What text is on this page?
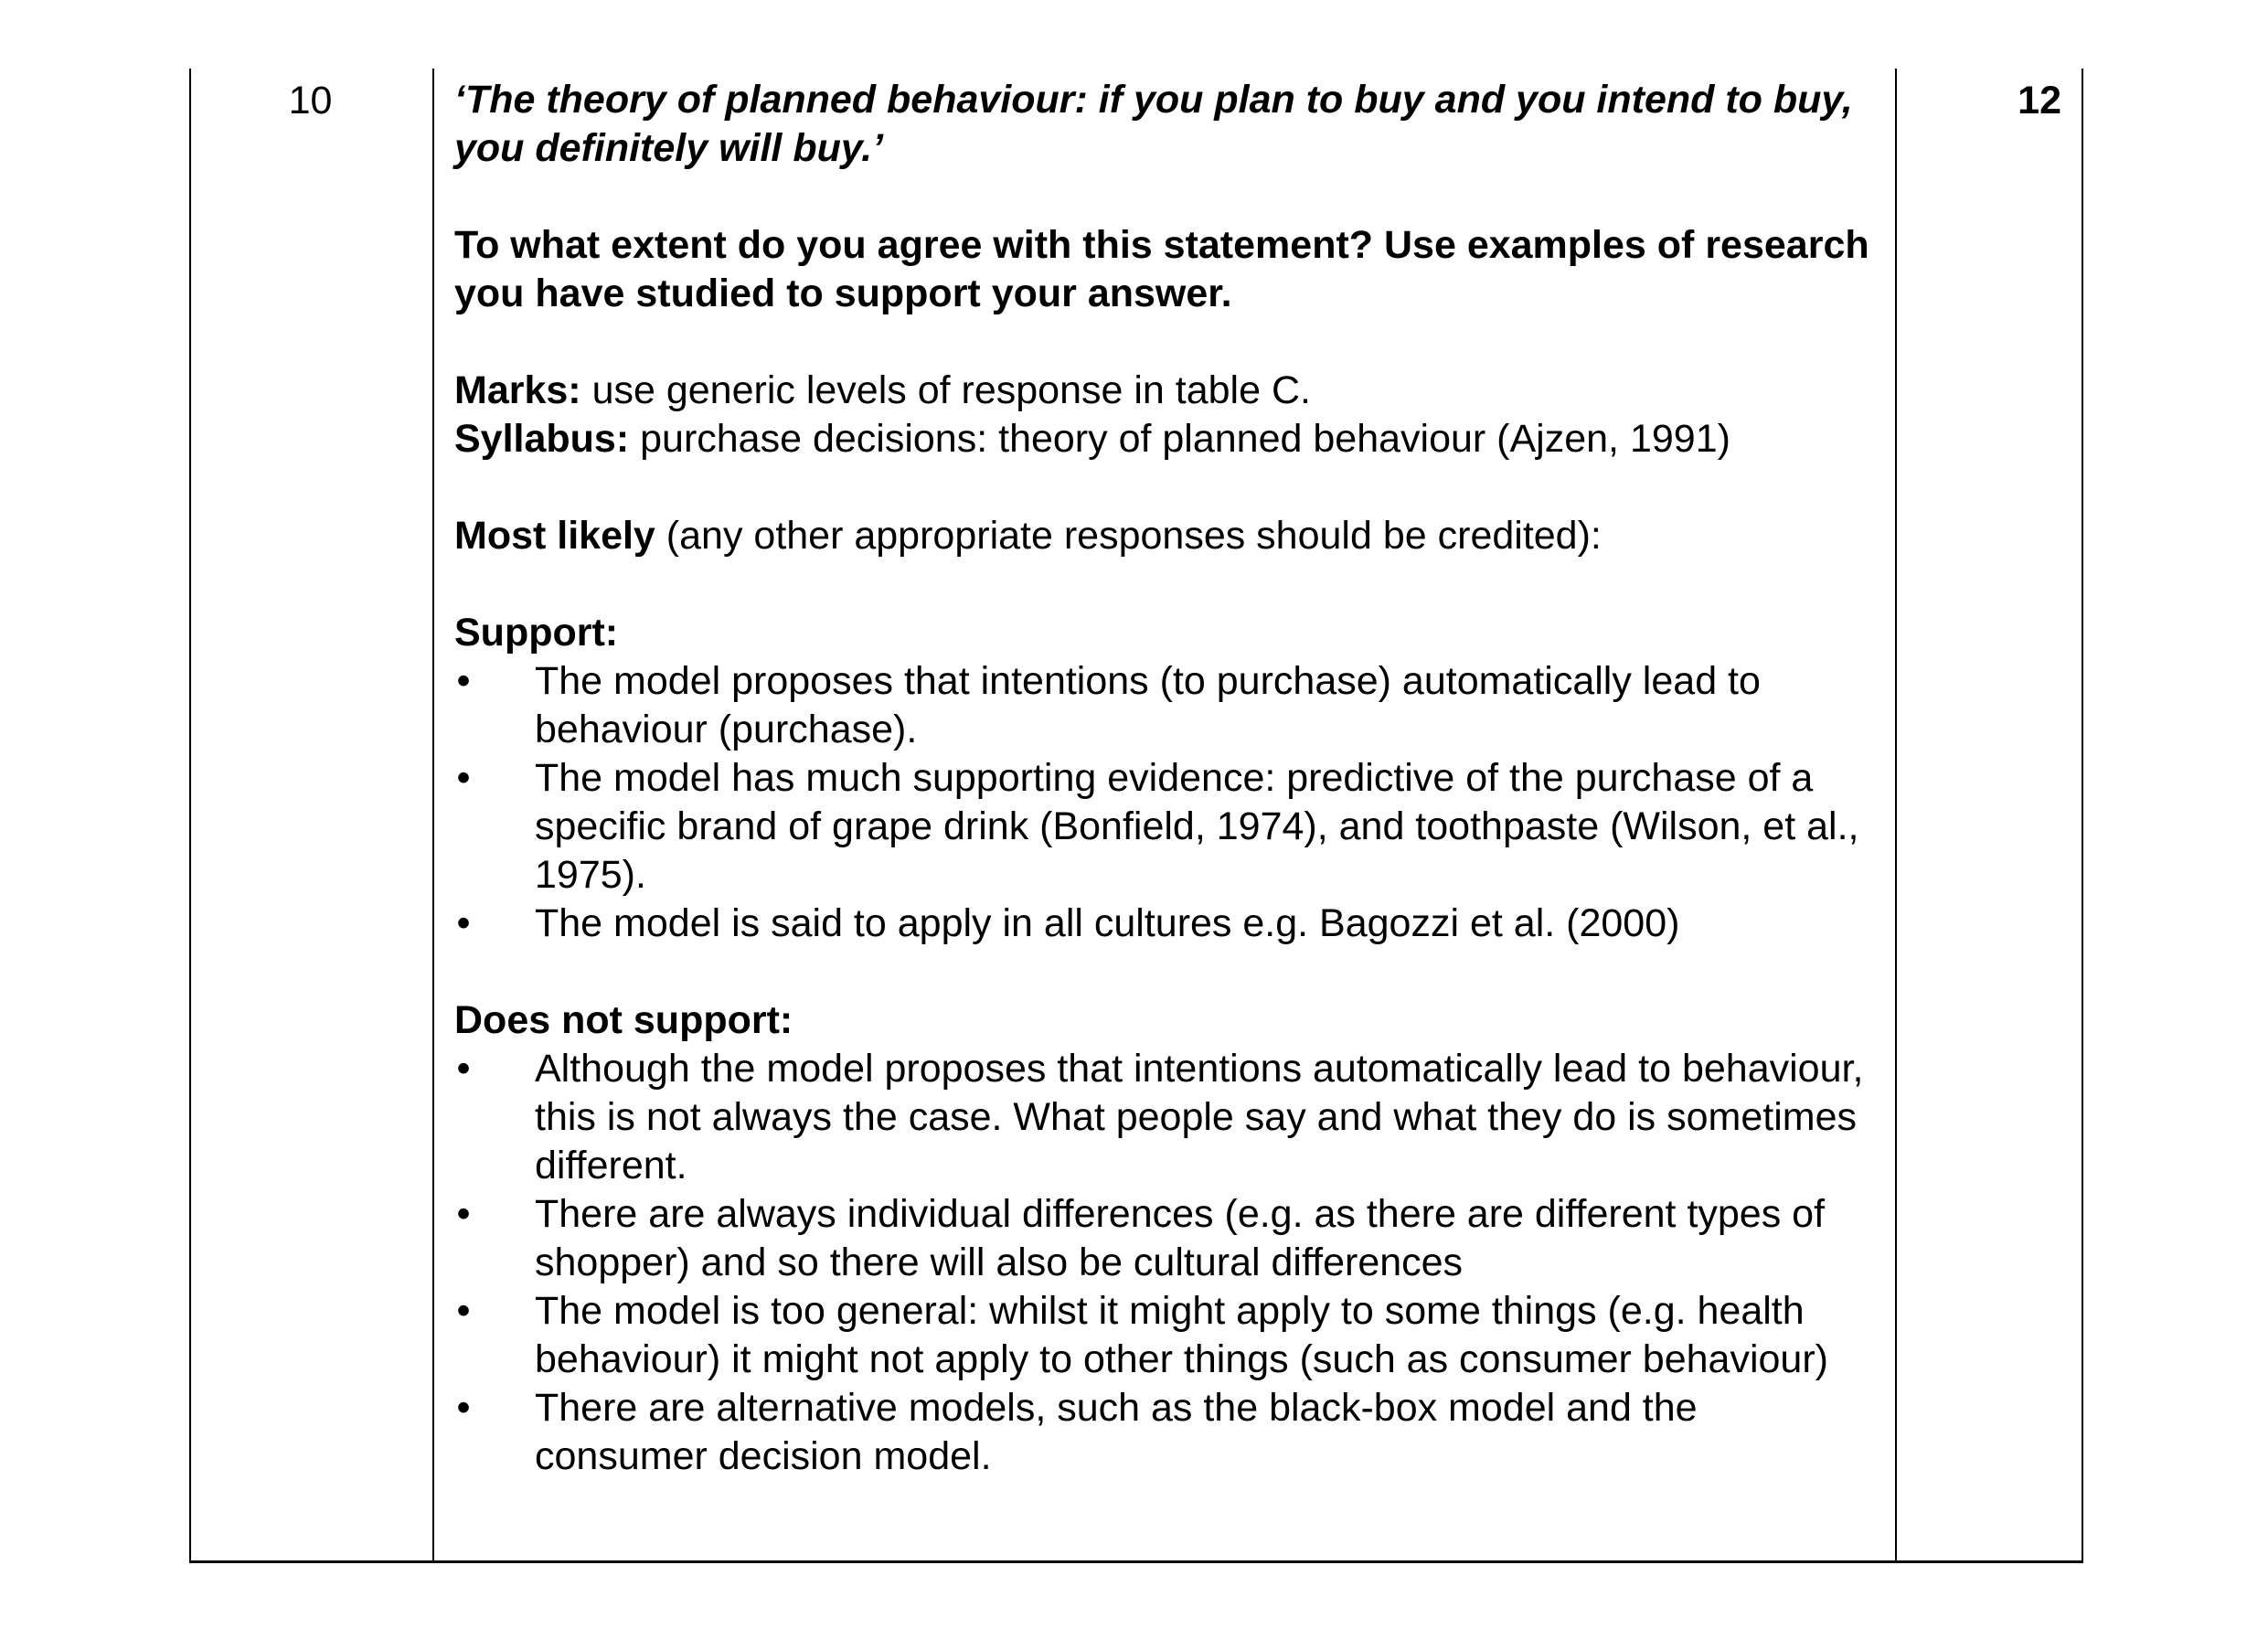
10	‘The theory of planned behaviour: if you plan to buy and you intend to buy, you definitely will buy.’

To what extent do you agree with this statement? Use examples of research you have studied to support your answer.

Marks: use generic levels of response in table C.

Syllabus: purchase decisions: theory of planned behaviour (Ajzen, 1991)

Most likely (any other appropriate responses should be credited):

Support:

• The model proposes that intentions (to purchase) automatically lead to behaviour (purchase).
• The model has much supporting evidence: predictive of the purchase of a specific brand of grape drink (Bonfield, 1974), and toothpaste (Wilson, et al., 1975).
• The model is said to apply in all cultures e.g. Bagozzi et al. (2000)

Does not support:

• Although the model proposes that intentions automatically lead to behaviour, this is not always the case. What people say and what they do is sometimes different.
• There are always individual differences (e.g. as there are different types of shopper) and so there will also be cultural differences
• The model is too general: whilst it might apply to some things (e.g. health behaviour) it might not apply to other things (such as consumer behaviour)
• There are alternative models, such as the black-box model and the consumer decision model.
12
